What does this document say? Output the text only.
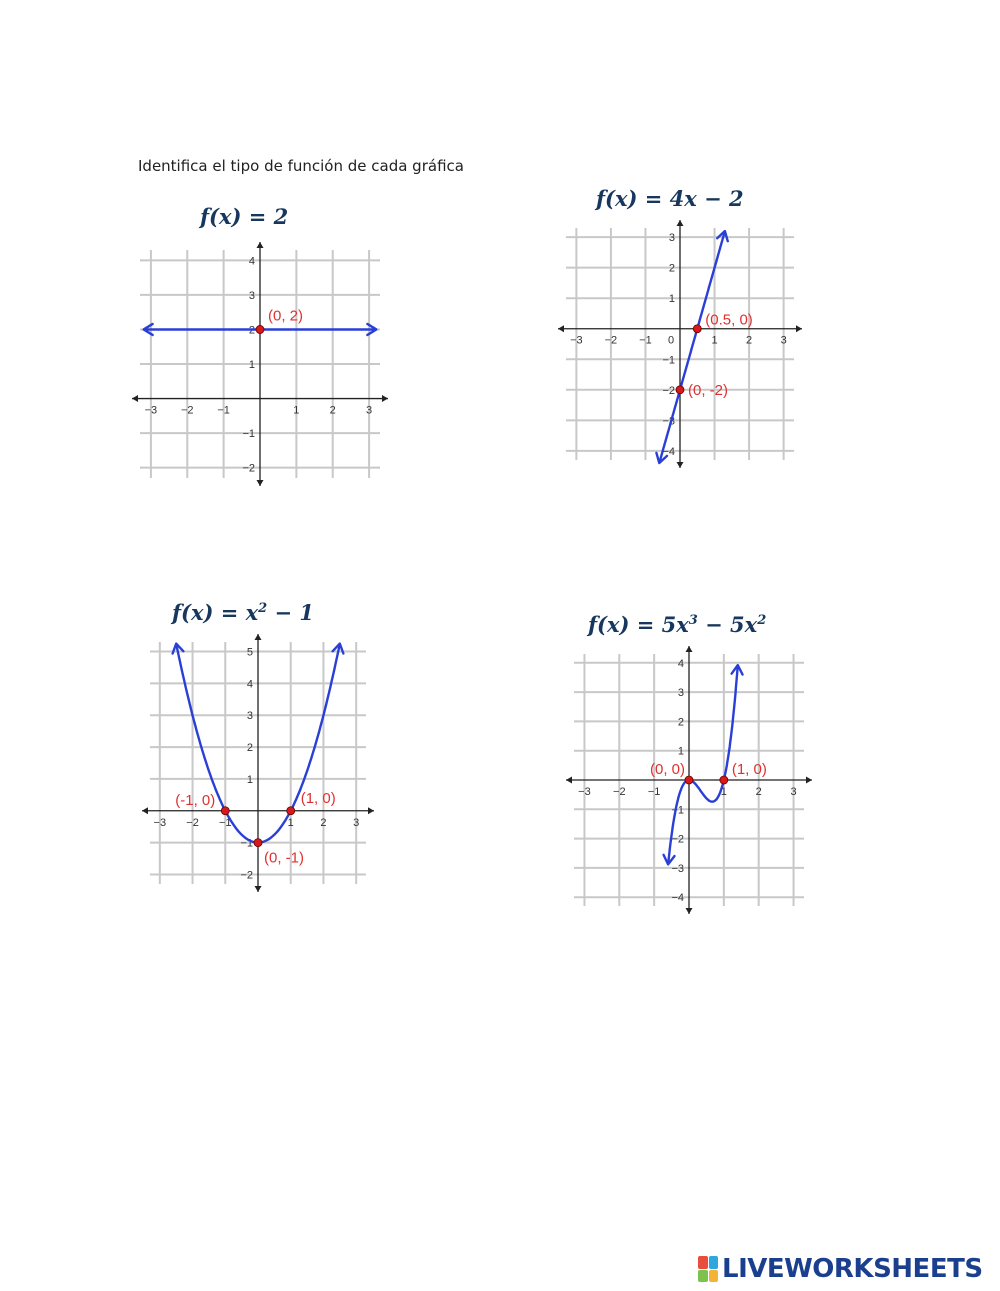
Identifica el tipo de función de cada gráfica
f(x) = 2
−3 −2 −1	1	2	3
−2
−1
1
2
3
4
(0, 2)
f(x) = 4x − 2
−3 −2 −1 0	1	2	3
−4
−3
−2
−1
1
2
3
(0.5, 0)
(0, -2)
$f(x) = x^2 - 1$
−3 −2 −1	1 2 3
−2
−1
1
2
3
4
5
(-1, 0)	(1, 0)
(0, -1)
$f(x) = 5x^3 - 5x^2$
−3 −2 −1	1	2	3
−4
−3
−2
−1
1
2
3
4
(0, 0)	(1, 0)
LIVEWORKSHEETS
